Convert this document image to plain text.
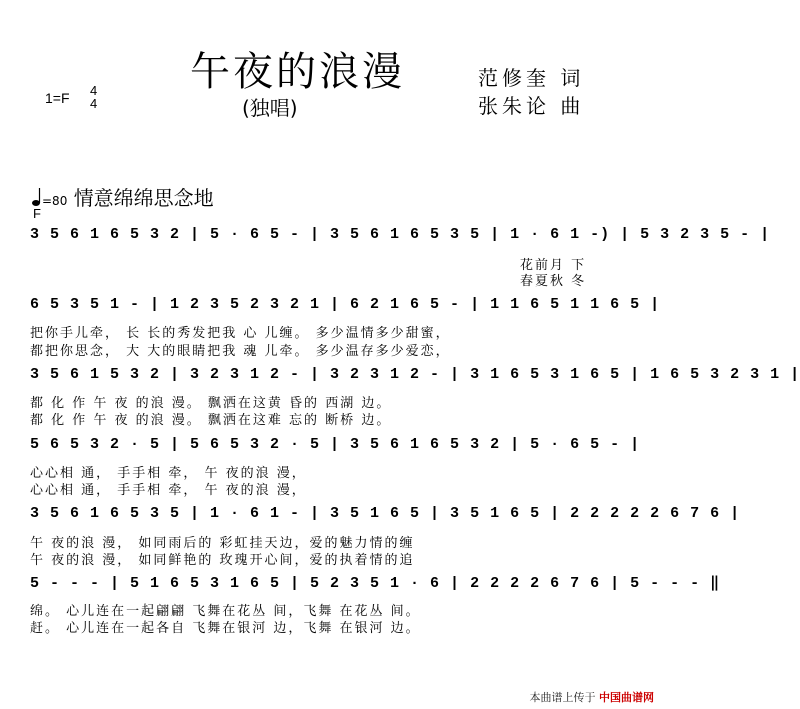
午夜的浪漫
(独唱)
范修奎 词
张朱论 曲
1=F 4
4
=80 情意绵绵思念地
F
3 5 6 1 6 5 3 2 | 5 · 6 5 - | 3 5 6 1 6 5 3 5 | 1 · 6 1 -) | 5 3 2 3 5 - |
花前月 下
春夏秋 冬
6 5 3 5 1 - | 1 2 3 5 2 3 2 1 | 6 2 1 6 5 - | 1 1 6 5 1 1 6 5 |
把你手儿牵， 长 长的秀发把我 心 儿缠。 多少温情多少甜蜜，
都把你思念， 大 大的眼睛把我 魂 儿牵。 多少温存多少爱恋，
3 5 6 1 5 3 2 | 3 2 3 1 2 - | 3 2 3 1 2 - | 3 1 6 5 3 1 6 5 | 1 6 5 3 2 3 1 |
都 化 作 午 夜 的浪 漫。 飘洒在这黄 昏的 西湖 边。
都 化 作 午 夜 的浪 漫。 飘洒在这难 忘的 断桥 边。
5 6 5 3 2 · 5 | 5 6 5 3 2 · 5 | 3 5 6 1 6 5 3 2 | 5 · 6 5 - |
心心相 通， 手手相 牵， 午 夜的浪 漫，
心心相 通， 手手相 牵， 午 夜的浪 漫，
3 5 6 1 6 5 3 5 | 1 · 6 1 - | 3 5 1 6 5 | 3 5 1 6 5 | 2 2 2 2 2 6 7 6 |
午 夜的浪 漫， 如同雨后的 彩虹挂天边，爱的魅力情的缠
午 夜的浪 漫， 如同鲜艳的 玫瑰开心间，爱的执着情的追
5 - - - | 5 1 6 5 3 1 6 5 | 5 2 3 5 1 · 6 | 2 2 2 2 6 7 6 | 5 - - - ‖
绵。 心儿连在一起翩翩 飞舞在花丛 间，飞舞 在花丛 间。
赶。 心儿连在一起各自 飞舞在银河 边，飞舞 在银河 边。
本曲谱上传于 中国曲谱网
